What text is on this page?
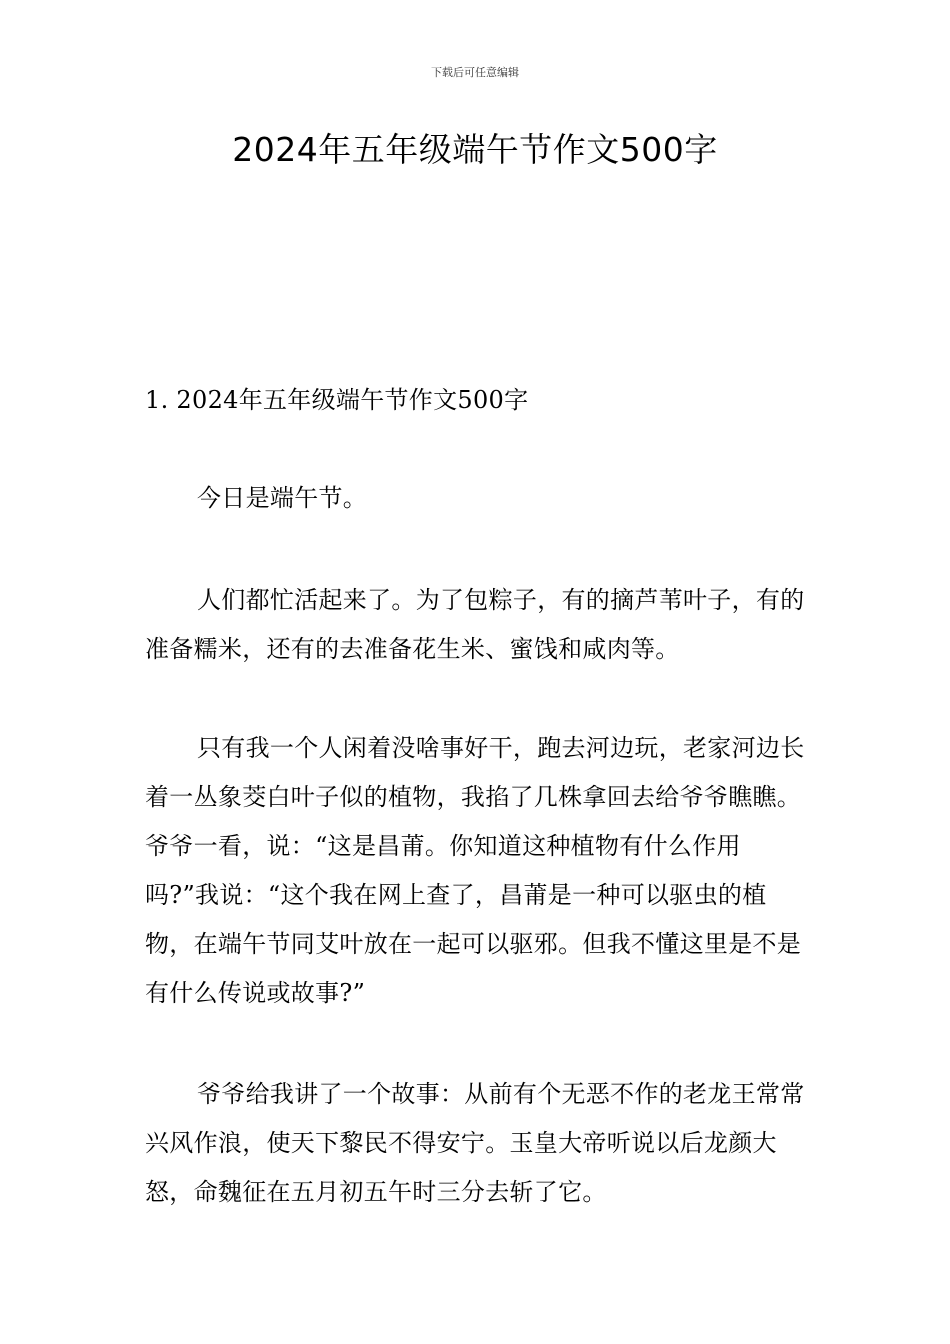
下载后可任意编辑
2024年五年级端午节作文500字

1. 2024年五年级端午节作文500字

今日是端午节。

人们都忙活起来了。为了包粽子，有的摘芦苇叶子，有的准备糯米，还有的去准备花生米、蜜饯和咸肉等。

只有我一个人闲着没啥事好干，跑去河边玩，老家河边长着一丛象茭白叶子似的植物，我掐了几株拿回去给爷爷瞧瞧。爷爷一看，说：“这是昌莆。你知道这种植物有什么作用吗?”我说：“这个我在网上查了，昌莆是一种可以驱虫的植物，在端午节同艾叶放在一起可以驱邪。但我不懂这里是不是有什么传说或故事?”

爷爷给我讲了一个故事：从前有个无恶不作的老龙王常常兴风作浪，使天下黎民不得安宁。玉皇大帝听说以后龙颜大怒，命魏征在五月初五午时三分去斩了它。
